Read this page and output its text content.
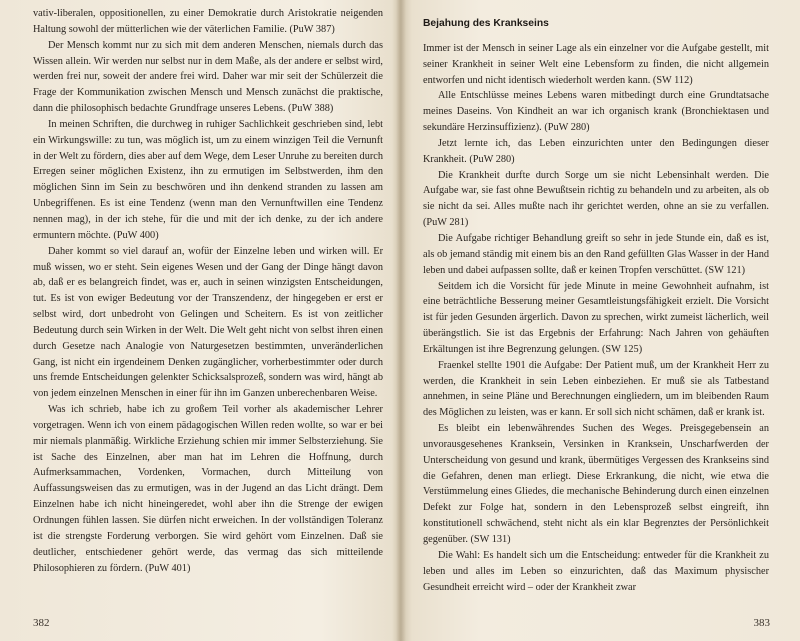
vativ-liberalen, oppositionellen, zu einer Demokratie durch Aristokratie neigenden Haltung sowohl der mütterlichen wie der väterlichen Familie. (PuW 387)

Der Mensch kommt nur zu sich mit dem anderen Menschen, niemals durch das Wissen allein. Wir werden nur selbst nur in dem Maße, als der andere er selbst wird, werden frei nur, soweit der andere frei wird. Daher war mir seit der Schülerzeit die Frage der Kommunikation zwischen Mensch und Mensch zunächst die praktische, dann die philosophisch bedachte Grundfrage unseres Lebens. (PuW 388)

In meinen Schriften, die durchweg in ruhiger Sachlichkeit geschrieben sind, lebt ein Wirkungswille: zu tun, was möglich ist, um zu einem winzigen Teil die Vernunft in der Welt zu fördern, dies aber auf dem Wege, dem Leser Unruhe zu bereiten durch Erregen seiner möglichen Existenz, ihn zu ermutigen im Selbstwerden, ihm den möglichen Sinn im Sein zu beschwören und ihn denkend stranden zu lassen am Unbegriffenen. Es ist eine Tendenz (wenn man den Vernunftwillen eine Tendenz nennen mag), in der ich stehe, für die und mit der ich denke, zu der ich andere ermuntern möchte. (PuW 400)

Daher kommt so viel darauf an, wofür der Einzelne leben und wirken will. Er muß wissen, wo er steht. Sein eigenes Wesen und der Gang der Dinge hängt davon ab, daß er es belangreich findet, was er, auch in seinen winzigsten Entscheidungen, tut. Es ist von ewiger Bedeutung vor der Transzendenz, der hingegeben er erst er selbst wird, dort unbedroht von Gelingen und Scheitern. Es ist von zeitlicher Bedeutung durch sein Wirken in der Welt. Die Welt geht nicht von selbst ihren einen durch Gesetze nach Analogie von Naturgesetzen bestimmten, unveränderlichen Gang, ist nicht ein irgendeinem Denken zugänglicher, vorherbestimmter oder durch uns fremde Entscheidungen gelenkter Schicksalsprozeß, sondern was wird, hängt ab von jedem einzelnen Menschen in einer für ihn im Ganzen unberechenbaren Weise.

Was ich schrieb, habe ich zu großem Teil vorher als akademischer Lehrer vorgetragen. Wenn ich von einem pädagogischen Willen reden wollte, so war er bei mir niemals planmäßig. Wirkliche Erziehung schien mir immer Selbsterziehung. Sie ist Sache des Einzelnen, aber man hat im Lehren die Hoffnung, durch Aufmerksammachen, Vordenken, Vormachen, durch Mitteilung von Auffassungsweisen das zu ermutigen, was in der Jugend an das Licht drängt. Dem Einzelnen habe ich nicht hineingeredet, wohl aber ihn die Strenge der ewigen Ordnungen fühlen lassen. Sie dürfen nicht erweichen. In der vollständigen Toleranz ist die strengste Forderung verborgen. Sie wird gehört vom Einzelnen. Daß sie deutlicher, entschiedener gehört werde, das vermag das sich mitteilende Philosophieren zu fördern. (PuW 401)

Bejahung des Krankseins

Immer ist der Mensch in seiner Lage als ein einzelner vor die Aufgabe gestellt, mit seiner Krankheit in seiner Welt eine Lebensform zu finden, die nicht allgemein entworfen und nicht identisch wiederholt werden kann. (SW 112)

Alle Entschlüsse meines Lebens waren mitbedingt durch eine Grundtatsache meines Daseins. Von Kindheit an war ich organisch krank (Bronchiektasen und sekundäre Herzinsuffizienz). (PuW 280)

Jetzt lernte ich, das Leben einzurichten unter den Bedingungen dieser Krankheit. (PuW 280)

Die Krankheit durfte durch Sorge um sie nicht Lebensinhalt werden. Die Aufgabe war, sie fast ohne Bewußtsein richtig zu behandeln und zu arbeiten, als ob sie nicht da sei. Alles mußte nach ihr gerichtet werden, ohne an sie zu verfallen. (PuW 281)

Die Aufgabe richtiger Behandlung greift so sehr in jede Stunde ein, daß es ist, als ob jemand ständig mit einem bis an den Rand gefüllten Glas Wasser in der Hand leben und dabei aufpassen sollte, daß er keinen Tropfen verschüttet. (SW 121)

Seitdem ich die Vorsicht für jede Minute in meine Gewohnheit aufnahm, ist eine beträchtliche Besserung meiner Gesamtleistungsfähigkeit erzielt. Die Vorsicht ist für jeden Gesunden ärgerlich. Davon zu sprechen, wirkt zumeist lächerlich, weil überängstlich. Sie ist das Ergebnis der Erfahrung: Nach Jahren von gehäuften Erkältungen ist ihre Begrenzung gelungen. (SW 125)

Fraenkel stellte 1901 die Aufgabe: Der Patient muß, um der Krankheit Herr zu werden, die Krankheit in sein Leben einbeziehen. Er muß sie als Tatbestand annehmen, in seine Pläne und Berechnungen eingliedern, um im bleibenden Raum des Möglichen zu leisten, was er kann. Er soll sich nicht schämen, daß er krank ist.

Es bleibt ein lebenwährendes Suchen des Weges. Preisgegebensein an unvorausgesehenes Kranksein, Versinken in Kranksein, Unscharfwerden der Unterscheidung von gesund und krank, übermütiges Vergessen des Krankseins sind die Gefahren, denen man erliegt. Diese Erkrankung, die nicht, wie etwa die Verstümmelung eines Gliedes, die mechanische Behinderung durch einen einzelnen Defekt zur Folge hat, sondern in den Lebensprozeß selbst eingreift, ihn konstitutionell schwächend, steht nicht als ein klar Begrenztes der Persönlichkeit gegenüber. (SW 131)

Die Wahl: Es handelt sich um die Entscheidung: entweder für die Krankheit zu leben und alles im Leben so einzurichten, daß das Maximum physischer Gesundheit erreicht wird – oder der Krankheit zwar

382	383
